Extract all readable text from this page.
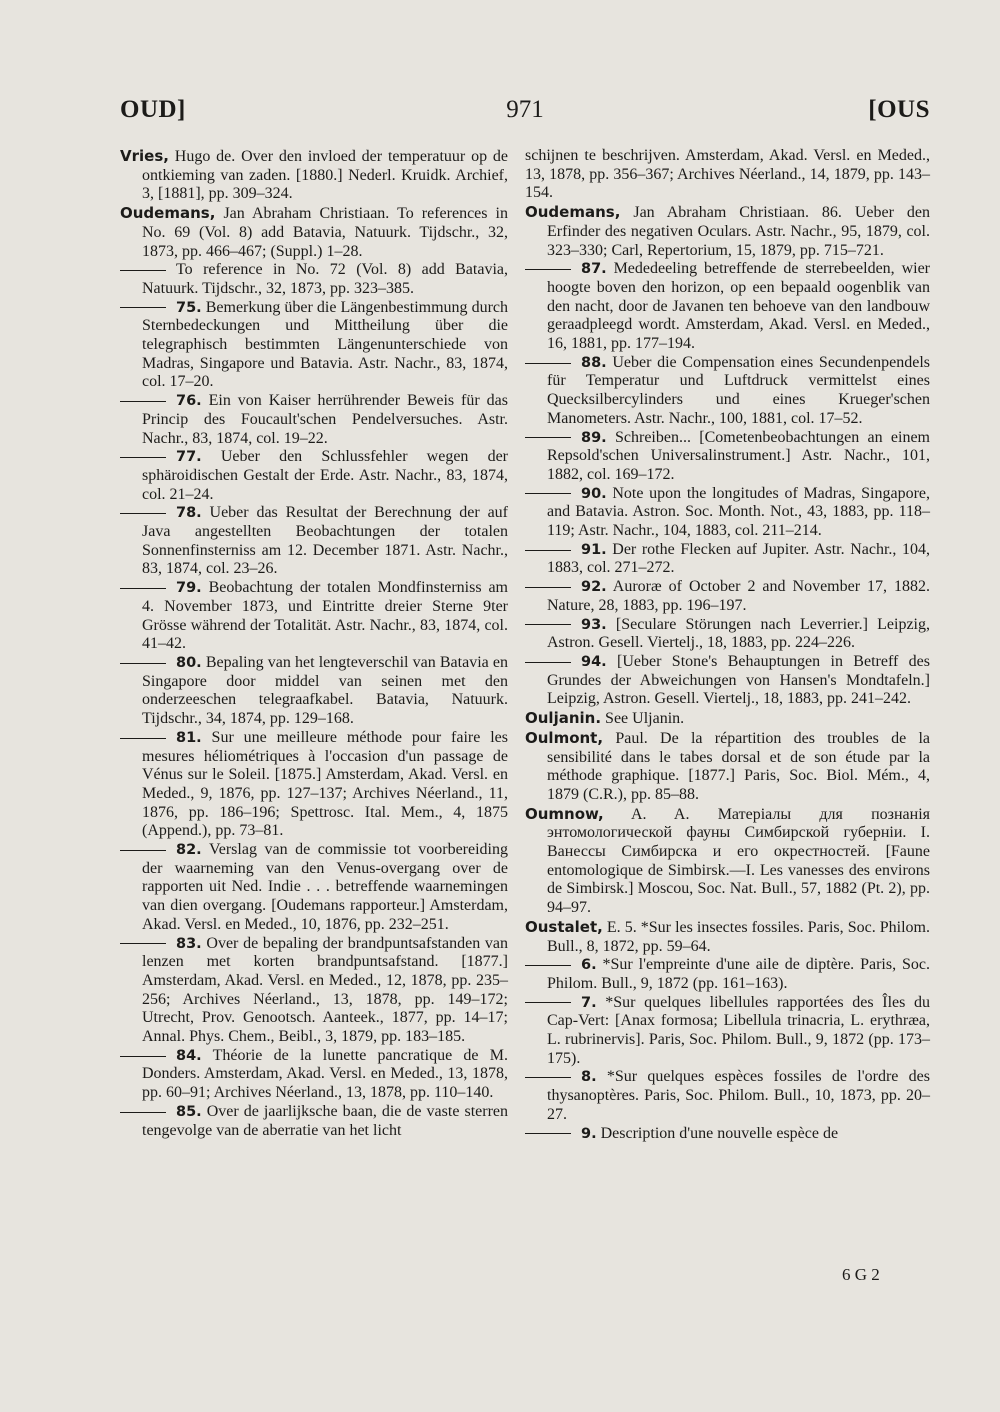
OUD]	971	[OUS

Vries, Hugo de. Over den invloed der temperatuur op de ontkieming van zaden. [1880.] Nederl. Kruidk. Archief, 3, [1881], pp. 309–324.

Oudemans, Jan Abraham Christiaan. To references in No. 69 (Vol. 8) add Batavia, Natuurk. Tijdschr., 32, 1873, pp. 466–467; (Suppl.) 1–28.

To reference in No. 72 (Vol. 8) add Batavia, Natuurk. Tijdschr., 32, 1873, pp. 323–385.

75. Bemerkung über die Längenbestimmung durch Sternbedeckungen und Mittheilung über die telegraphisch bestimmten Längenunterschiede von Madras, Singapore und Batavia. Astr. Nachr., 83, 1874, col. 17–20.

76. Ein von Kaiser herrührender Beweis für das Princip des Foucault'schen Pendelversuches. Astr. Nachr., 83, 1874, col. 19–22.

77. Ueber den Schlussfehler wegen der sphäroidischen Gestalt der Erde. Astr. Nachr., 83, 1874, col. 21–24.

78. Ueber das Resultat der Berechnung der auf Java angestellten Beobachtungen der totalen Sonnenfinsterniss am 12. December 1871. Astr. Nachr., 83, 1874, col. 23–26.

79. Beobachtung der totalen Mondfinsterniss am 4. November 1873, und Eintritte dreier Sterne 9ter Grösse während der Totalität. Astr. Nachr., 83, 1874, col. 41–42.

80. Bepaling van het lengteverschil van Batavia en Singapore door middel van seinen met den onderzeeschen telegraafkabel. Batavia, Natuurk. Tijdschr., 34, 1874, pp. 129–168.

81. Sur une meilleure méthode pour faire les mesures héliométriques à l'occasion d'un passage de Vénus sur le Soleil. [1875.] Amsterdam, Akad. Versl. en Meded., 9, 1876, pp. 127–137; Archives Néerland., 11, 1876, pp. 186–196; Spettrosc. Ital. Mem., 4, 1875 (Append.), pp. 73–81.

82. Verslag van de commissie tot voorbereiding der waarneming van den Venus-overgang over de rapporten uit Ned. Indie . . . betreffende waarnemingen van dien overgang. [Oudemans rapporteur.] Amsterdam, Akad. Versl. en Meded., 10, 1876, pp. 232–251.

83. Over de bepaling der brandpuntsafstanden van lenzen met korten brandpuntsafstand. [1877.] Amsterdam, Akad. Versl. en Meded., 12, 1878, pp. 235–256; Archives Néerland., 13, 1878, pp. 149–172; Utrecht, Prov. Genootsch. Aanteek., 1877, pp. 14–17; Annal. Phys. Chem., Beibl., 3, 1879, pp. 183–185.

84. Théorie de la lunette pancratique de M. Donders. Amsterdam, Akad. Versl. en Meded., 13, 1878, pp. 60–91; Archives Néerland., 13, 1878, pp. 110–140.

85. Over de jaarlijksche baan, die de vaste sterren tengevolge van de aberratie van het licht

schijnen te beschrijven. Amsterdam, Akad. Versl. en Meded., 13, 1878, pp. 356–367; Archives Néerland., 14, 1879, pp. 143–154.

Oudemans, Jan Abraham Christiaan. 86. Ueber den Erfinder des negativen Oculars. Astr. Nachr., 95, 1879, col. 323–330; Carl, Repertorium, 15, 1879, pp. 715–721.

87. Mededeeling betreffende de sterrebeelden, wier hoogte boven den horizon, op een bepaald oogenblik van den nacht, door de Javanen ten behoeve van den landbouw geraadpleegd wordt. Amsterdam, Akad. Versl. en Meded., 16, 1881, pp. 177–194.

88. Ueber die Compensation eines Secundenpendels für Temperatur und Luftdruck vermittelst eines Quecksilbercylinders und eines Krueger'schen Manometers. Astr. Nachr., 100, 1881, col. 17–52.

89. Schreiben... [Cometenbeobachtungen an einem Repsold'schen Universalinstrument.] Astr. Nachr., 101, 1882, col. 169–172.

90. Note upon the longitudes of Madras, Singapore, and Batavia. Astron. Soc. Month. Not., 43, 1883, pp. 118–119; Astr. Nachr., 104, 1883, col. 211–214.

91. Der rothe Flecken auf Jupiter. Astr. Nachr., 104, 1883, col. 271–272.

92. Auroræ of October 2 and November 17, 1882. Nature, 28, 1883, pp. 196–197.

93. [Seculare Störungen nach Leverrier.] Leipzig, Astron. Gesell. Viertelj., 18, 1883, pp. 224–226.

94. [Ueber Stone's Behauptungen in Betreff des Grundes der Abweichungen von Hansen's Mondtafeln.] Leipzig, Astron. Gesell. Viertelj., 18, 1883, pp. 241–242.

Ouljanin. See Uljanin.

Oulmont, Paul. De la répartition des troubles de la sensibilité dans le tabes dorsal et de son étude par la méthode graphique. [1877.] Paris, Soc. Biol. Mém., 4, 1879 (C.R.), pp. 85–88.

Oumnow, A. A. Матеріалы для познанія энтомологической фауны Симбирской губерніи. I. Ванессы Симбирска и его окрестностей. [Faune entomologique de Simbirsk.—I. Les vanesses des environs de Simbirsk.] Moscou, Soc. Nat. Bull., 57, 1882 (Pt. 2), pp. 94–97.

Oustalet, E. 5. *Sur les insectes fossiles. Paris, Soc. Philom. Bull., 8, 1872, pp. 59–64.

6. *Sur l'empreinte d'une aile de diptère. Paris, Soc. Philom. Bull., 9, 1872 (pp. 161–163).

7. *Sur quelques libellules rapportées des Îles du Cap-Vert: [Anax formosa; Libellula trinacria, L. erythræa, L. rubrinervis]. Paris, Soc. Philom. Bull., 9, 1872 (pp. 173–175).

8. *Sur quelques espèces fossiles de l'ordre des thysanoptères. Paris, Soc. Philom. Bull., 10, 1873, pp. 20–27.

9. Description d'une nouvelle espèce de

6 G 2
